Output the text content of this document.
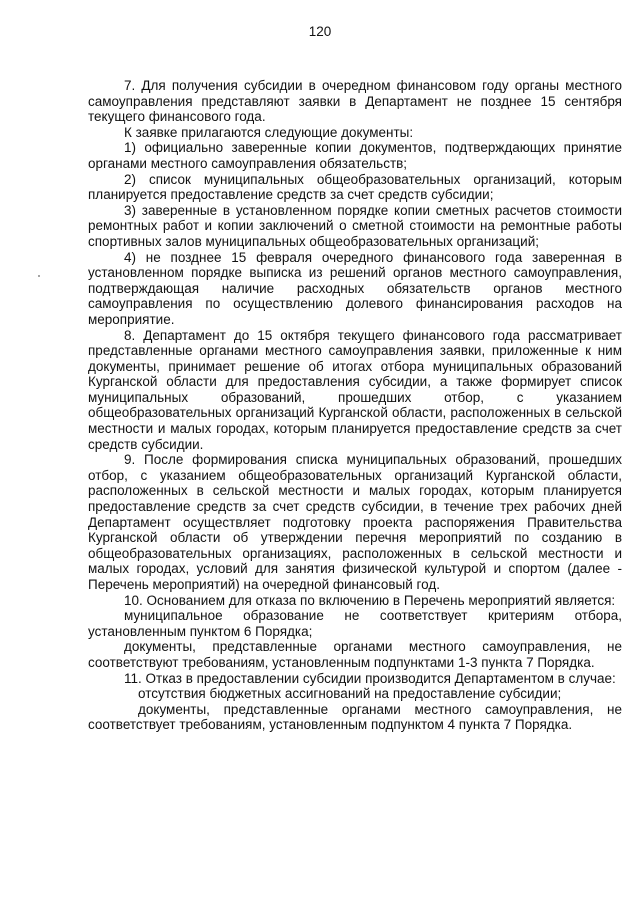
120

7. Для получения субсидии в очередном финансовом году органы местного самоуправления представляют заявки в Департамент не позднее 15 сентября текущего финансового года.

К заявке прилагаются следующие документы:

1) официально заверенные копии документов, подтверждающих принятие органами местного самоуправления обязательств;

2) список муниципальных общеобразовательных организаций, которым планируется предоставление средств за счет средств субсидии;

3) заверенные в установленном порядке копии сметных расчетов стоимости ремонтных работ и копии заключений о сметной стоимости на ремонтные работы спортивных залов муниципальных общеобразовательных организаций;

4) не позднее 15 февраля очередного финансового года заверенная в установленном порядке выписка из решений органов местного самоуправления, подтверждающая наличие расходных обязательств органов местного самоуправления по осуществлению долевого финансирования расходов на мероприятие.

8. Департамент до 15 октября текущего финансового года рассматривает представленные органами местного самоуправления заявки, приложенные к ним документы, принимает решение об итогах отбора муниципальных образований Курганской области для предоставления субсидии, а также формирует список муниципальных образований, прошедших отбор, с указанием общеобразовательных организаций Курганской области, расположенных в сельской местности и малых городах, которым планируется предоставление средств за счет средств субсидии.

9. После формирования списка муниципальных образований, прошедших отбор, с указанием общеобразовательных организаций Курганской области, расположенных в сельской местности и малых городах, которым планируется предоставление средств за счет средств субсидии, в течение трех рабочих дней Департамент осуществляет подготовку проекта распоряжения Правительства Курганской области об утверждении перечня мероприятий по созданию в общеобразовательных организациях, расположенных в сельской местности и малых городах, условий для занятия физической культурой и спортом (далее - Перечень мероприятий) на очередной финансовый год.

10. Основанием для отказа по включению в Перечень мероприятий является:

муниципальное образование не соответствует критериям отбора, установленным пунктом 6 Порядка;

документы, представленные органами местного самоуправления, не соответствуют требованиям, установленным подпунктами 1-3 пункта 7 Порядка.

11. Отказ в предоставлении субсидии производится Департаментом в случае:

отсутствия бюджетных ассигнований на предоставление субсидии;

документы, представленные органами местного самоуправления, не соответствует требованиям, установленным подпунктом 4 пункта 7 Порядка.
